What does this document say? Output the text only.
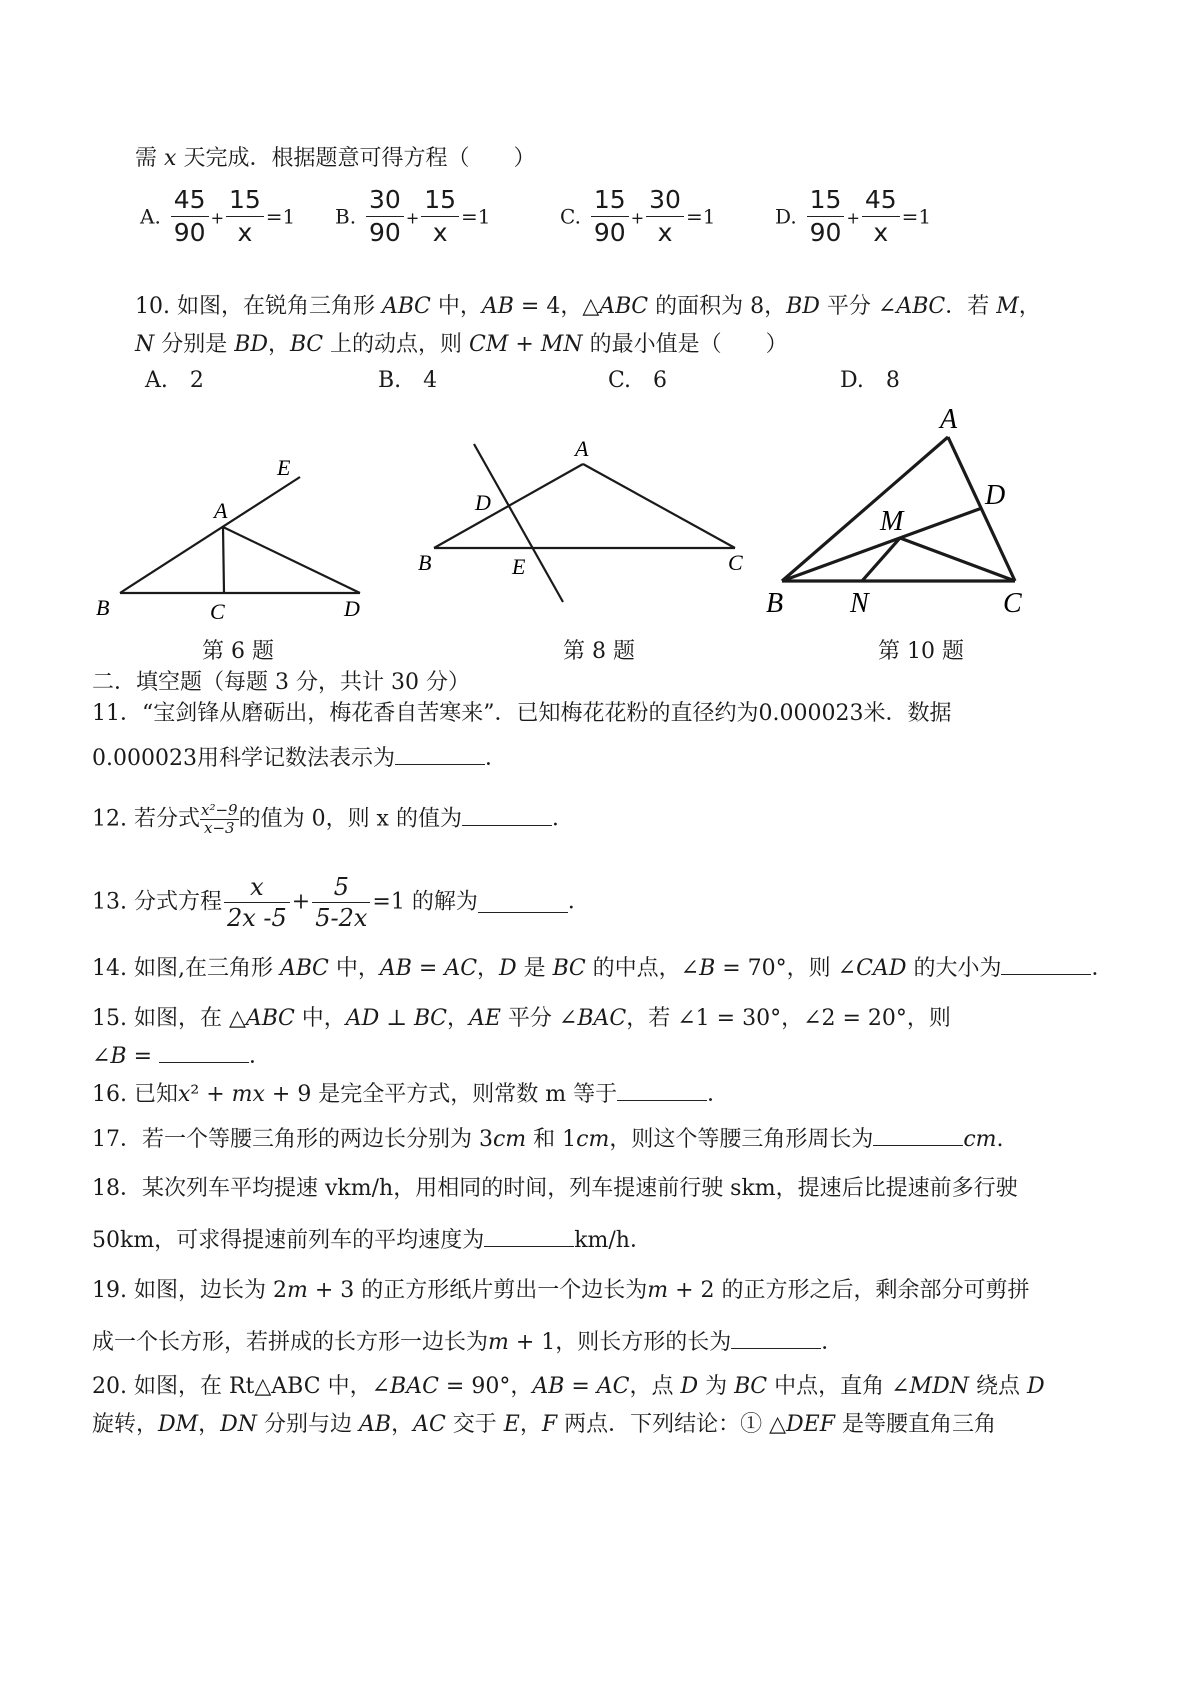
需 x 天完成．根据题意可得方程（　　）
A. $\frac{45}{90} + \frac{15}{x} =1$ B. $\frac{30}{90} + \frac{15}{x} =1$	C. $\frac{15}{90} + \frac{30}{x} =1$	D. $\frac{15}{90} + \frac{45}{x} =1$
10. 如图，在锐角三角形 𝐴𝐵𝐶 中，𝐴𝐵 = 4，△𝐴𝐵𝐶 的面积为 8，𝐵𝐷 平分 ∠𝐴𝐵𝐶．若 𝑀，
𝑁 分别是 𝐵𝐷，𝐵𝐶 上的动点，则 𝐶𝑀 + 𝑀𝑁 的最小值是（　　）
A.　2	B.　4	C.　6	D.　8
E
A
B	C	D
A
D
B	E	C
A
D
M
B N	C
第 6 题	第 8 题	第 10 题
二．填空题（每题 3 分，共计 30 分）
11．“宝剑锋从磨砺出，梅花香自苦寒来”．已知梅花花粉的直径约为0.000023米．数据
0.000023用科学记数法表示为	．
12. 若分式 $\frac{\text{x²−9}}{x-3}$ 的值为 0，则 x 的值为	．
13. 分式方程 $\frac{x}{2x -5} + \frac{5}{5-2x} =1$ 的解为	．
14. 如图,在三角形 𝐴𝐵𝐶 中，𝐴𝐵 = 𝐴𝐶，𝐷 是 𝐵𝐶 的中点，∠𝐵 = 70°，则 ∠𝐶𝐴𝐷 的大小为	．
15. 如图，在 △𝐴𝐵𝐶 中，𝐴𝐷 ⊥ 𝐵𝐶，𝐴𝐸 平分 ∠𝐵𝐴𝐶，若 ∠1 = 30°，∠2 = 20°，则
∠𝐵 =	．
16. 已知𝑥² + 𝑚𝑥 + 9 是完全平方式，则常数 m 等于	．
17．若一个等腰三角形的两边长分别为 3𝑐𝑚 和 1𝑐𝑚，则这个等腰三角形周长为	𝑐𝑚.
18．某次列车平均提速 vkm/h，用相同的时间，列车提速前行驶 skm，提速后比提速前多行驶
50km，可求得提速前列车的平均速度为	km/h．
19. 如图，边长为 2𝑚 + 3 的正方形纸片剪出一个边长为𝑚 + 2 的正方形之后，剩余部分可剪拼
成一个长方形，若拼成的长方形一边长为𝑚 + 1，则长方形的长为	．
20. 如图，在 Rt△ABC 中，∠𝐵𝐴𝐶 = 90°，𝐴𝐵 = 𝐴𝐶，点 𝐷 为 𝐵𝐶 中点，直角 ∠𝑀𝐷𝑁 绕点 𝐷
旋转，𝐷𝑀，𝐷𝑁 分别与边 𝐴𝐵，𝐴𝐶 交于 𝐸，𝐹 两点．下列结论：① △𝐷𝐸𝐹 是等腰直角三角
